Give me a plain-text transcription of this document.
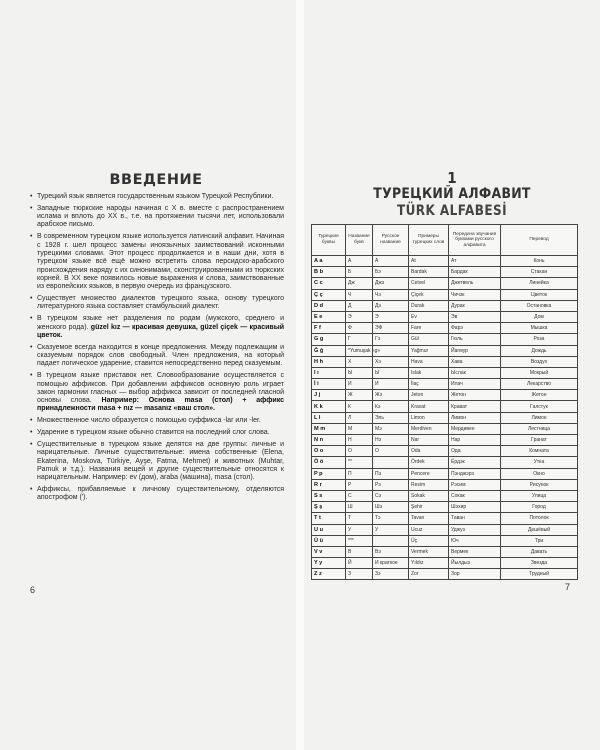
ВВЕДЕНИЕ
• Турецкий язык является государственным языком Турецкой Республики.
• Западные тюркские народы начиная с X в. вместе с распространением ислама и вплоть до XX в., т.е. на протяжении тысячи лет, использовали арабское письмо.
• В современном турецком языке используется латинский алфавит. Начиная с 1928 г. шел процесс замены иноязычных заимствований исконными турецкими словами. Этот процесс продолжается и в наши дни, хотя в турецком языке всё ещё можно встретить слова персидско-арабского происхождения наряду с их синонимами, сконструированными из тюркских корней. В XX веке появилось новые выражения и слова, заимствованные из европейских языков, в первую очередь из французского.
• Существует множество диалектов турецкого языка, основу турецкого литературного языка составляет стамбульский диалект.
• В турецком языке нет разделения по родам (мужского, среднего и женского рода). güzel kız — красивая девушка, güzel çiçek — красивый цветок.
• Сказуемое всегда находится в конце предложения. Между подлежащим и сказуемым порядок слов свободный. Член предложения, на который падает логическое ударение, ставится непосредственно перед сказуемым.
• В турецком языке приставок нет. Словообразование осуществляется с помощью аффиксов. При добавлении аффиксов основную роль играет закон гармонии гласных — выбор аффикса зависит от последней гласной основы слова. Например: Основа masa (стол) + аффикс принадлежности masa + nız — masanız «ваш стол».
• Множественное число образуется с помощью суффикса -lar или -ler.
• Ударение в турецком языке обычно ставится на последний слог слова.
• Существительные в турецком языке делятся на две группы: личные и нарицательные. Личные существительные: имена собственные (Elena, Ekaterina, Moskova, Türkiye, Ayşe, Fatma, Mehmet) и животных (Muhtar, Pamuk и т.д.). Названия вещей и другие существительные относятся к нарицательным. Например: ev (дом), araba (машина), masa (стол).
• Аффиксы, прибавляемые к личному существительному, отделяются апострофом (').
6
1
ТУРЕЦКИЙ АЛФАВИТ
TÜRK ALFABESİ
7
Турецкие буквы	Название букв	Русское название	Примеры турецких слов	Передача звучания буквами русского алфавита	Перевод
A a	A	A	At	Ат	Конь
B b	Б	Бэ	Bardak	Бардак	Стакан
C c	Дж	Джэ	Cetvel	Джетвель	Линейка
Ç ç	Ч	Чэ	Çiçek	Чичэк	Цветок
D d	Д	Дэ	Durak	Дурак	Остановка
E e	Э	Э	Ev	Эв	Дом
F f	Ф	ЭФ	Fare	Фарэ	Мышка
G g	Г	Гэ	Gül	Гюль	Роза
Ğ ğ	*Yumuşak «g»		Yağmur	Йагмур	Дождь
H h	Х	Хэ	Hava	Хава	Воздух
I ı	Ы	Ы	Islak	Ыслак	Мокрый
İ i	И	И	İlaç	Илач	Лекарство
J j	Ж	Жэ	Jeton	Жетон	Жетон
K k	К	Кэ	Kravat	Крават	Галстук
L l	Л	Эль	Limon	Лимон	Лимон
M m	М	Мэ	Merdiven	Мердивен	Лестница
N n	Н	Нэ	Nar	Нар	Гранат
O o	О	О	Oda	Ода	Комната
Ö ö	**		Ördek	Ёрдэк	Утка
P p	П	Пэ	Pencere	Пэнджэрэ	Окно
R r	Р	Рэ	Resim	Рэсим	Рисунок
S s	С	Сэ	Sokak	Сокак	Улица
Ş ş	Ш	Шэ	Şehir	Шэхир	Город
T t	Т	Тэ	Tavan	Таван	Потолок
U u	У	У	Ucuz	Уджуз	Дешёвый
Ü ü	***		Üç	Юч	Три
V v	В	Вэ	Vermek	Вермек	Давать
Y y	Й	И краткое	Yıldız	Йылдыз	Звезда
Z z	З	Зэ	Zor	Зор	Трудный
